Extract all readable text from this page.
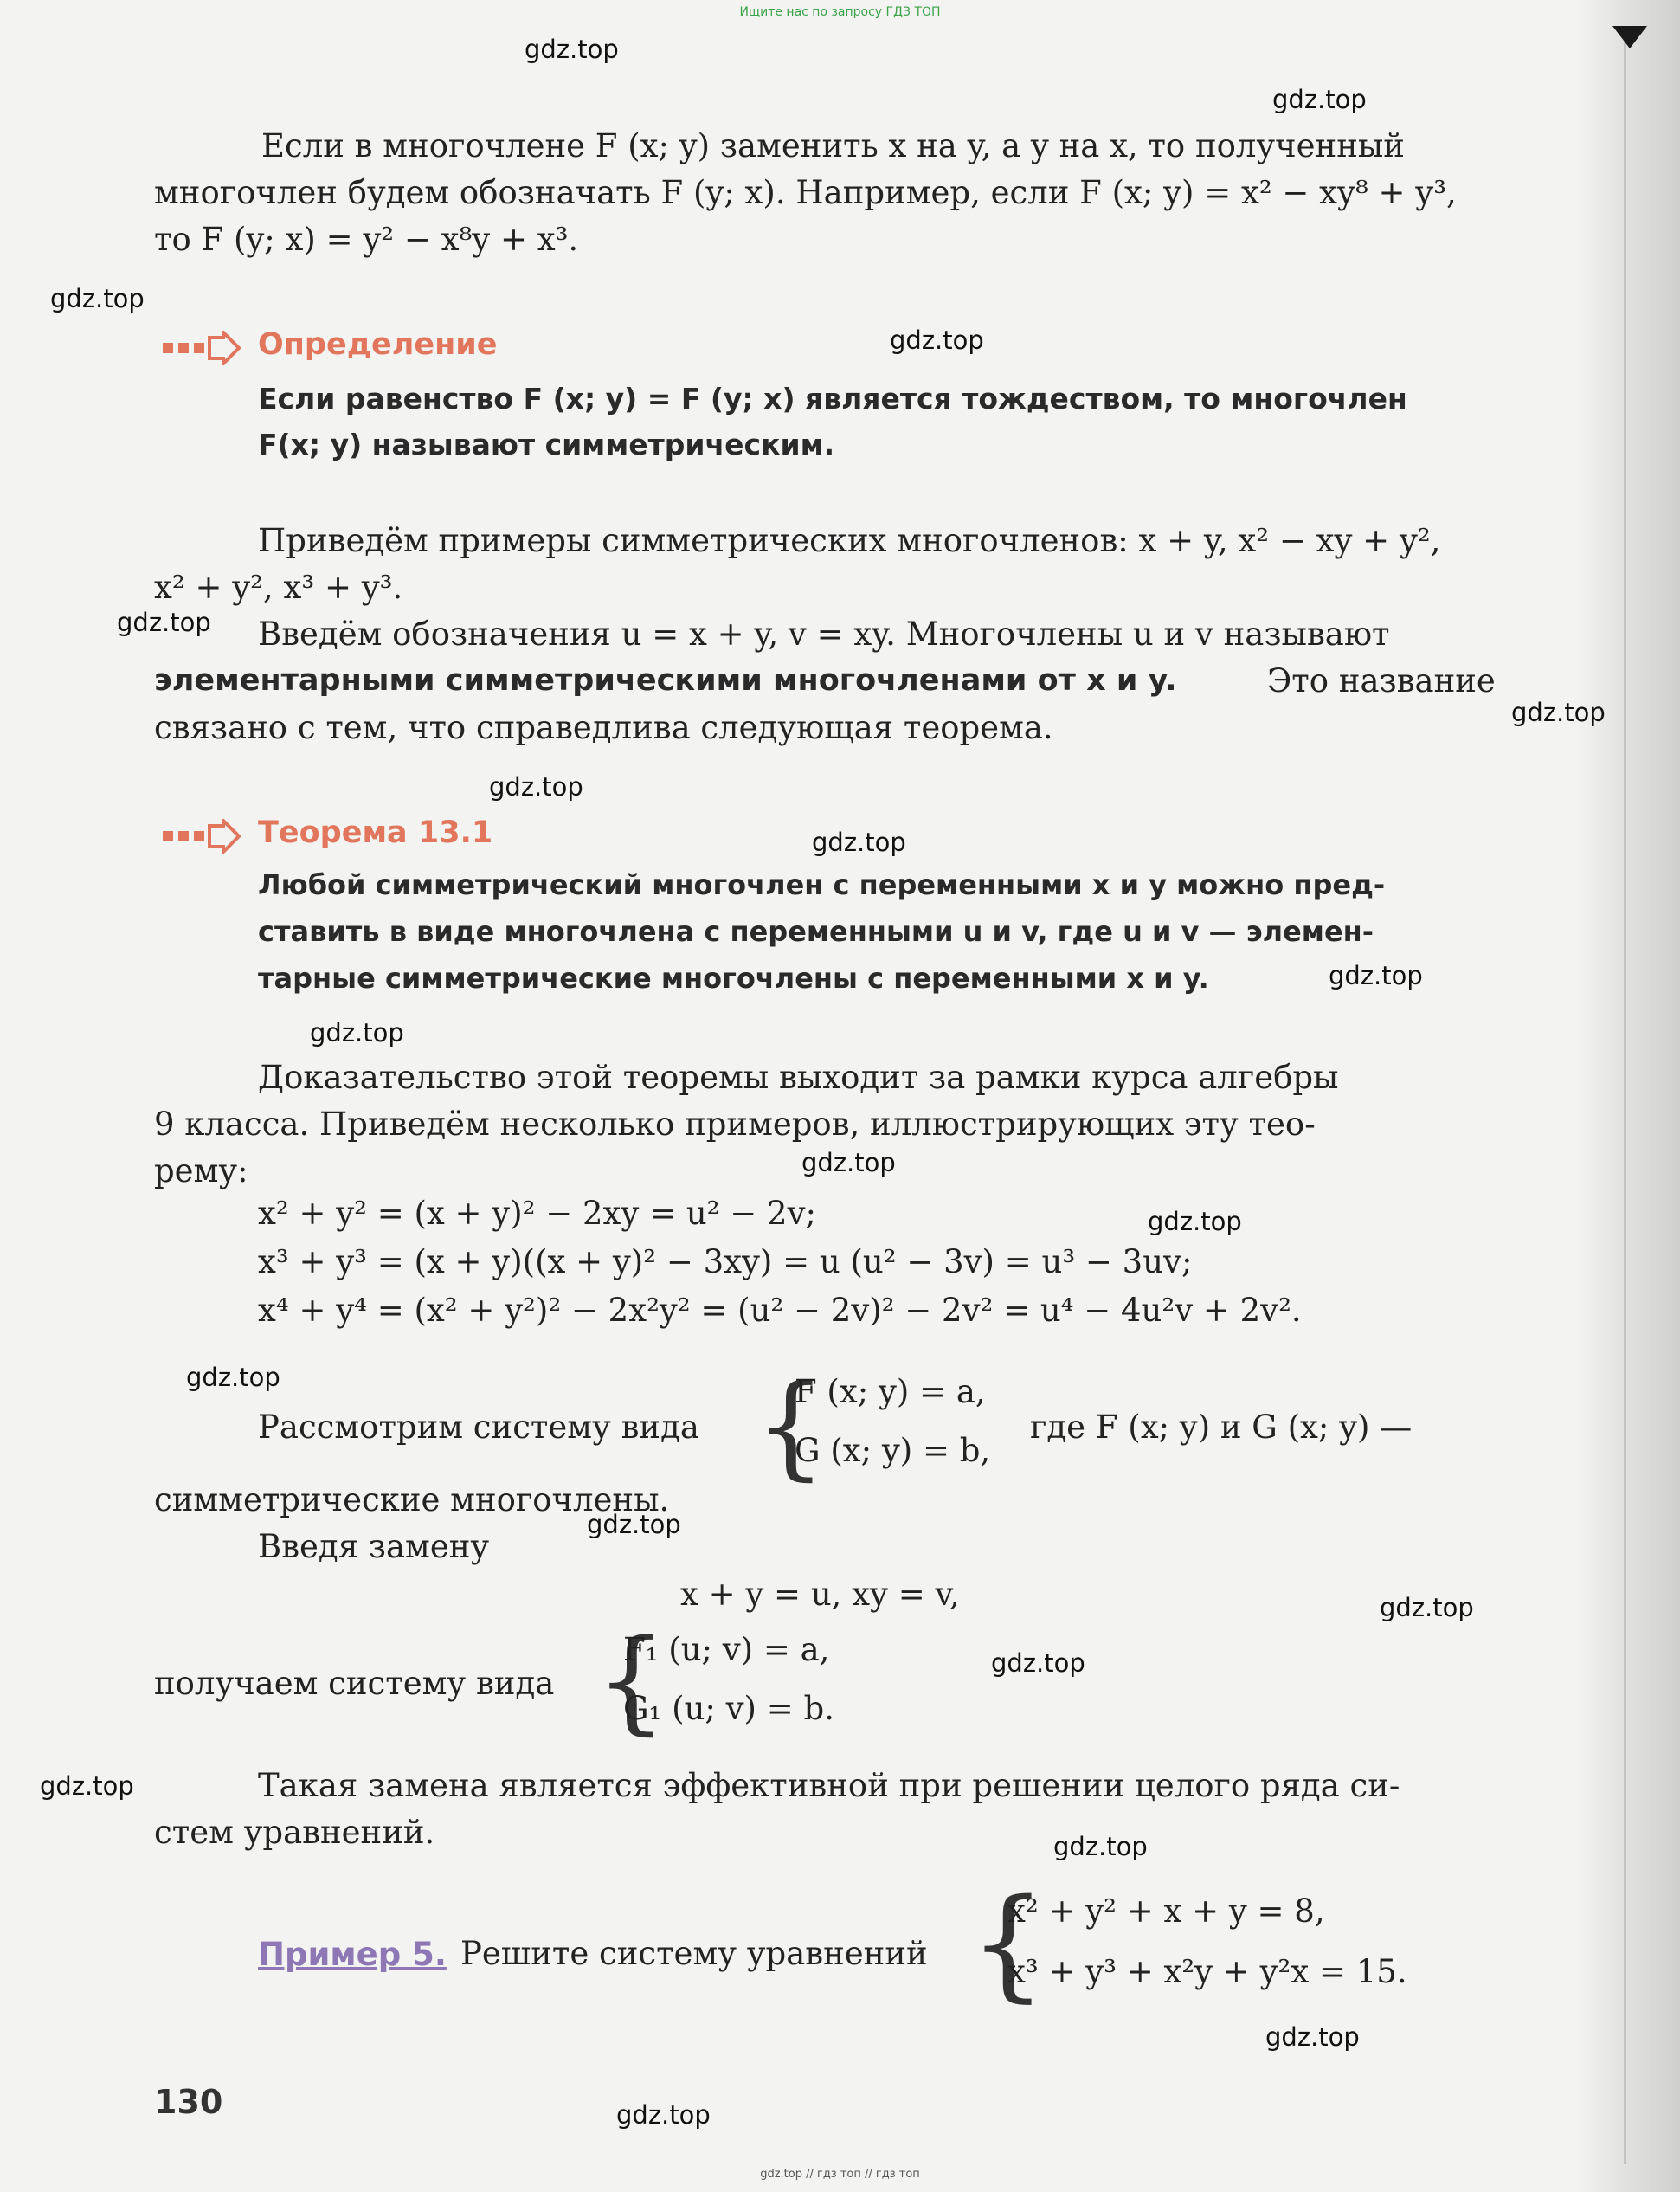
Ищите нас по запросу ГДЗ ТОП
gdz.top
gdz.top
gdz.top
gdz.top
gdz.top
gdz.top
gdz.top
gdz.top
gdz.top
gdz.top
gdz.top
gdz.top
gdz.top
gdz.top
gdz.top
gdz.top
gdz.top
gdz.top
gdz.top
gdz.top
Если в многочлене F (x; y) заменить x на y, а y на x, то полученный
многочлен будем обозначать F (y; x). Например, если F (x; y) = x² − xy⁸ + y³,
то F (y; x) = y² − x⁸y + x³.
Определение
Если равенство F (x; y) = F (y; x) является тождеством, то многочлен
F(x; y) называют симметрическим.
Приведём примеры симметрических многочленов: x + y, x² − xy + y²,
x² + y², x³ + y³.
Введём обозначения u = x + y, v = xy. Многочлены u и v называют
элементарными симметрическими многочленами от x и y.	Это название
связано с тем, что справедлива следующая теорема.
Теорема 13.1
Любой симметрический многочлен с переменными x и y можно пред-
ставить в виде многочлена с переменными u и v, где u и v — элемен-
тарные симметрические многочлены с переменными x и y.
Доказательство этой теоремы выходит за рамки курса алгебры
9 класса. Приведём несколько примеров, иллюстрирующих эту тео-
рему:
x² + y² = (x + y)² − 2xy = u² − 2v;
x³ + y³ = (x + y)((x + y)² − 3xy) = u (u² − 3v) = u³ − 3uv;
x⁴ + y⁴ = (x² + y²)² − 2x²y² = (u² − 2v)² − 2v² = u⁴ − 4u²v + 2v².
Рассмотрим систему вида {
F (x; y) = a,
G (x; y) = b,
где F (x; y) и G (x; y) —
симметрические многочлены.
Введя замену
x + y = u, xy = v,
получаем систему вида {
F₁ (u; v) = a,
G₁ (u; v) = b.
Такая замена является эффективной при решении целого ряда си-
стем уравнений.
Пример 5. Решите систему уравнений {
x² + y² + x + y = 8,
x³ + y³ + x²y + y²x = 15.
130
gdz.top // гдз топ // гдз топ
